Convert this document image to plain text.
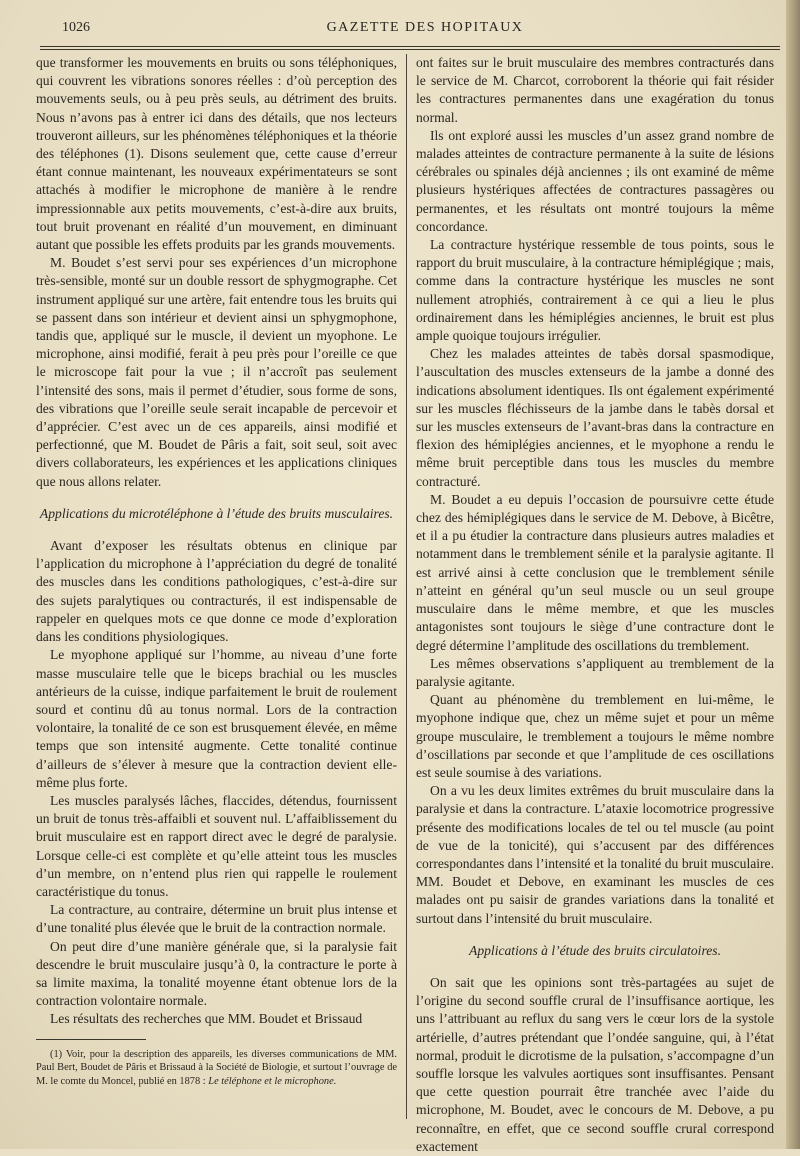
1026	GAZETTE DES HOPITAUX

que transformer les mouvements en bruits ou sons téléphoniques, qui couvrent les vibrations sonores réelles : d’où perception des mouvements seuls, ou à peu près seuls, au détriment des bruits. Nous n’avons pas à entrer ici dans des détails, que nos lecteurs trouveront ailleurs, sur les phénomènes téléphoniques et la théorie des téléphones (1). Disons seulement que, cette cause d’erreur étant connue maintenant, les nouveaux expérimentateurs se sont attachés à modifier le microphone de manière à le rendre impressionnable aux petits mouvements, c’est-à-dire aux bruits, tout bruit provenant en réalité d’un mouvement, en diminuant autant que possible les effets produits par les grands mouvements.

M. Boudet s’est servi pour ses expériences d’un microphone très-sensible, monté sur un double ressort de sphygmographe. Cet instrument appliqué sur une artère, fait entendre tous les bruits qui se passent dans son intérieur et devient ainsi un sphygmophone, tandis que, appliqué sur le muscle, il devient un myophone. Le microphone, ainsi modifié, ferait à peu près pour l’oreille ce que le microscope fait pour la vue ; il n’accroît pas seulement l’intensité des sons, mais il permet d’étudier, sous forme de sons, des vibrations que l’oreille seule serait incapable de percevoir et d’apprécier. C’est avec un de ces appareils, ainsi modifié et perfectionné, que M. Boudet de Pâris a fait, soit seul, soit avec divers collaborateurs, les expériences et les applications cliniques que nous allons relater.

Applications du microtéléphone à l’étude des bruits musculaires.

Avant d’exposer les résultats obtenus en clinique par l’application du microphone à l’appréciation du degré de tonalité des muscles dans les conditions pathologiques, c’est-à-dire sur des sujets paralytiques ou contracturés, il est indispensable de rappeler en quelques mots ce que donne ce mode d’exploration dans les conditions physiologiques.

Le myophone appliqué sur l’homme, au niveau d’une forte masse musculaire telle que le biceps brachial ou les muscles antérieurs de la cuisse, indique parfaitement le bruit de roulement sourd et continu dû au tonus normal. Lors de la contraction volontaire, la tonalité de ce son est brusquement élevée, en même temps que son intensité augmente. Cette tonalité continue d’ailleurs de s’élever à mesure que la contraction devient elle-même plus forte.

Les muscles paralysés lâches, flaccides, détendus, fournissent un bruit de tonus très-affaibli et souvent nul. L’affaiblissement du bruit musculaire est en rapport direct avec le degré de paralysie. Lorsque celle-ci est complète et qu’elle atteint tous les muscles d’un membre, on n’entend plus rien qui rappelle le roulement caractéristique du tonus.

La contracture, au contraire, détermine un bruit plus intense et d’une tonalité plus élevée que le bruit de la contraction normale.

On peut dire d’une manière générale que, si la paralysie fait descendre le bruit musculaire jusqu’à 0, la contracture le porte à sa limite maxima, la tonalité moyenne étant obtenue lors de la contraction volontaire normale.

Les résultats des recherches que MM. Boudet et Brissaud

(1) Voir, pour la description des appareils, les diverses communications de MM. Paul Bert, Boudet de Pâris et Brissaud à la Société de Biologie, et surtout l’ouvrage de M. le comte du Moncel, publié en 1878 : Le téléphone et le microphone.

ont faites sur le bruit musculaire des membres contracturés dans le service de M. Charcot, corroborent la théorie qui fait résider les contractures permanentes dans une exagération du tonus normal.

Ils ont exploré aussi les muscles d’un assez grand nombre de malades atteintes de contracture permanente à la suite de lésions cérébrales ou spinales déjà anciennes ; ils ont examiné de même plusieurs hystériques affectées de contractures passagères ou permanentes, et les résultats ont montré toujours la même concordance.

La contracture hystérique ressemble de tous points, sous le rapport du bruit musculaire, à la contracture hémiplégique ; mais, comme dans la contracture hystérique les muscles ne sont nullement atrophiés, contrairement à ce qui a lieu le plus ordinairement dans les hémiplégies anciennes, le bruit est plus ample quoique toujours irrégulier.

Chez les malades atteintes de tabès dorsal spasmodique, l’auscultation des muscles extenseurs de la jambe a donné des indications absolument identiques. Ils ont également expérimenté sur les muscles fléchisseurs de la jambe dans le tabès dorsal et sur les muscles extenseurs de l’avant-bras dans la contracture en flexion des hémiplégies anciennes, et le myophone a rendu le même bruit perceptible dans tous les muscles du membre contracturé.

M. Boudet a eu depuis l’occasion de poursuivre cette étude chez des hémiplégiques dans le service de M. Debove, à Bicêtre, et il a pu étudier la contracture dans plusieurs autres maladies et notamment dans le tremblement sénile et la paralysie agitante. Il est arrivé ainsi à cette conclusion que le tremblement sénile n’atteint en général qu’un seul muscle ou un seul groupe musculaire dans le même membre, et que les muscles antagonistes sont toujours le siège d’une contracture dont le degré détermine l’amplitude des oscillations du tremblement.

Les mêmes observations s’appliquent au tremblement de la paralysie agitante.

Quant au phénomène du tremblement en lui-même, le myophone indique que, chez un même sujet et pour un même groupe musculaire, le tremblement a toujours le même nombre d’oscillations par seconde et que l’amplitude de ces oscillations est seule soumise à des variations.

On a vu les deux limites extrêmes du bruit musculaire dans la paralysie et dans la contracture. L’ataxie locomotrice progressive présente des modifications locales de tel ou tel muscle (au point de vue de la tonicité), qui s’accusent par des différences correspondantes dans l’intensité et la tonalité du bruit musculaire. MM. Boudet et Debove, en examinant les muscles de ces malades ont pu saisir de grandes variations dans la tonalité et surtout dans l’intensité du bruit musculaire.

Applications à l’étude des bruits circulatoires.

On sait que les opinions sont très-partagées au sujet de l’origine du second souffle crural de l’insuffisance aortique, les uns l’attribuant au reflux du sang vers le cœur lors de la systole artérielle, d’autres prétendant que l’ondée sanguine, qui, à l’état normal, produit le dicrotisme de la pulsation, s’accompagne d’un souffle lorsque les valvules aortiques sont insuffisantes. Pensant que cette question pourrait être tranchée avec l’aide du microphone, M. Boudet, avec le concours de M. Debove, a pu reconnaître, en effet, que ce second souffle crural correspond exactement
